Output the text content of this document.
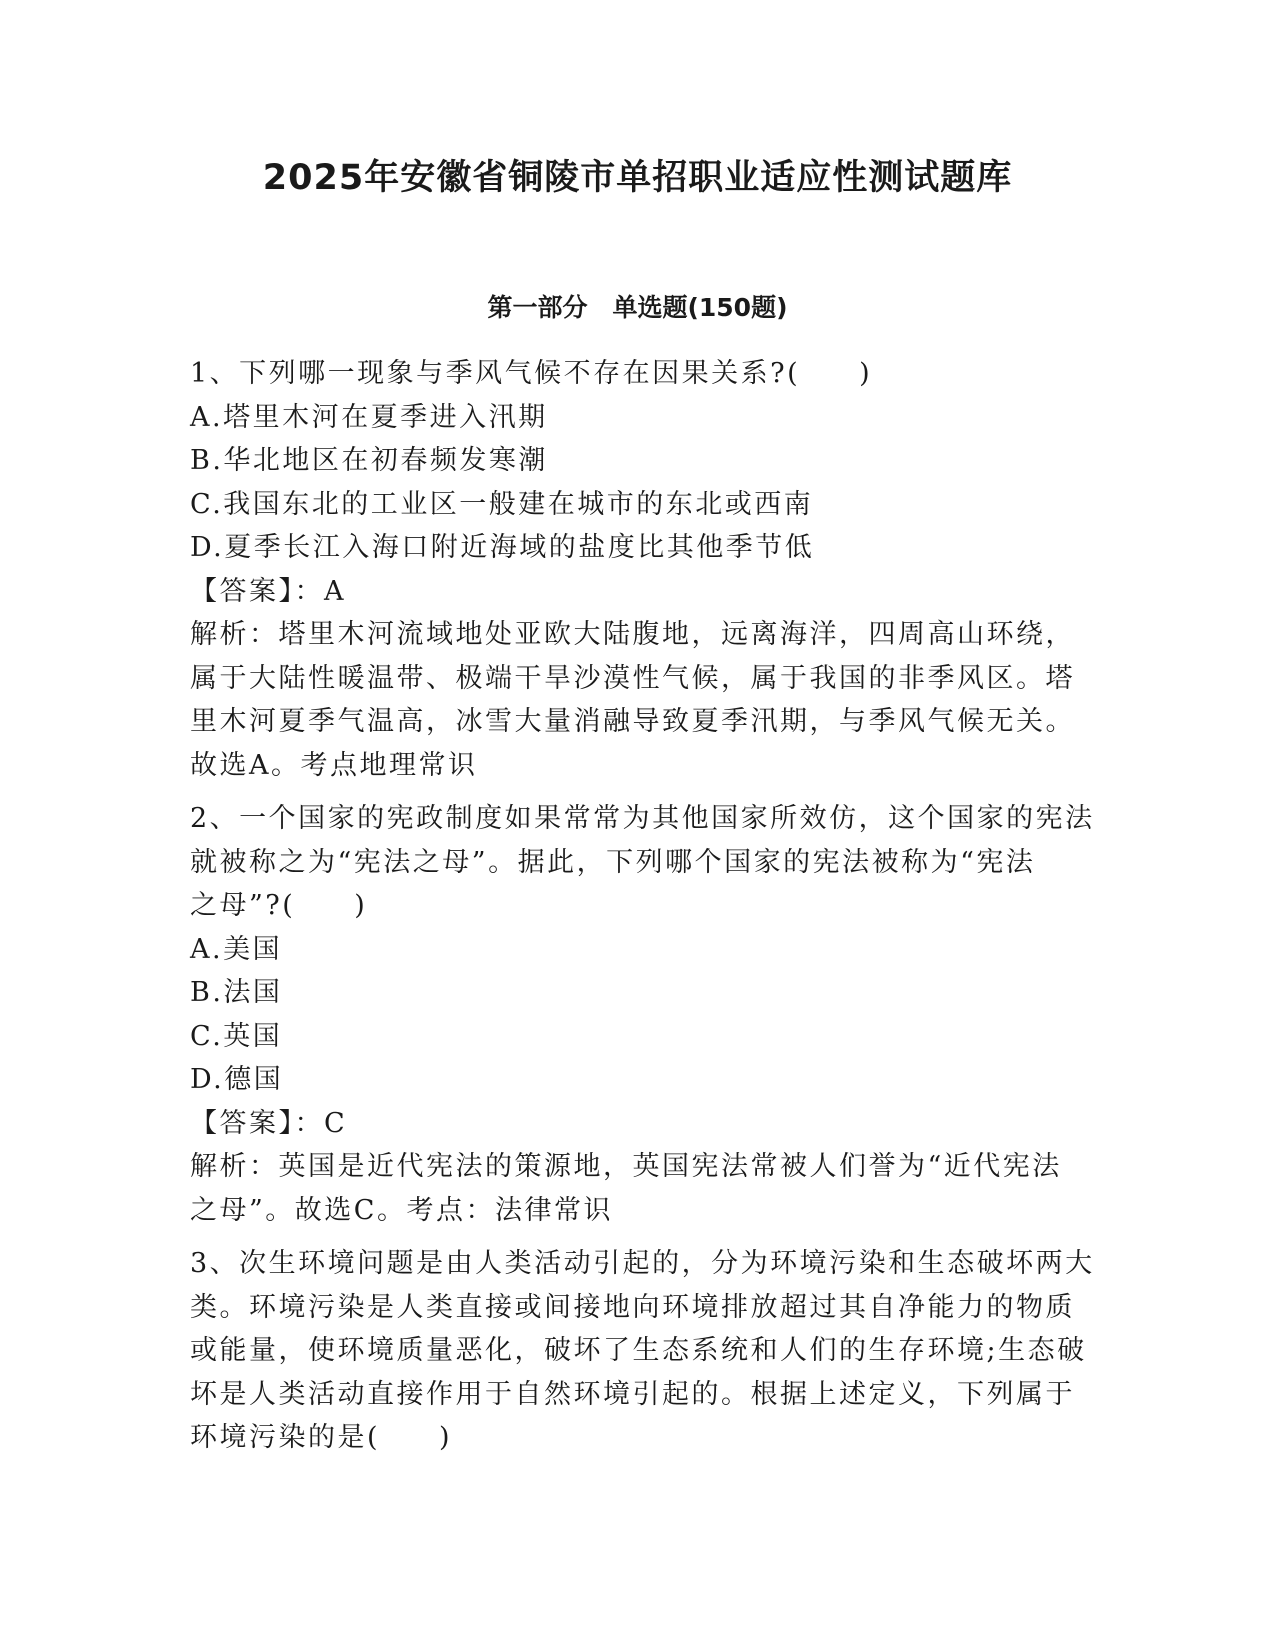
2025年安徽省铜陵市单招职业适应性测试题库
第一部分　单选题(150题)
1、下列哪一现象与季风气候不存在因果关系?(　　)
A.塔里木河在夏季进入汛期
B.华北地区在初春频发寒潮
C.我国东北的工业区一般建在城市的东北或西南
D.夏季长江入海口附近海域的盐度比其他季节低
【答案】：A
解析：塔里木河流域地处亚欧大陆腹地，远离海洋，四周高山环绕，
属于大陆性暖温带、极端干旱沙漠性气候，属于我国的非季风区。塔
里木河夏季气温高，冰雪大量消融导致夏季汛期，与季风气候无关。
故选A。考点地理常识
2、一个国家的宪政制度如果常常为其他国家所效仿，这个国家的宪法
就被称之为“宪法之母”。据此，下列哪个国家的宪法被称为“宪法
之母”?(　　)
A.美国
B.法国
C.英国
D.德国
【答案】：C
解析：英国是近代宪法的策源地，英国宪法常被人们誉为“近代宪法
之母”。故选C。考点：法律常识
3、次生环境问题是由人类活动引起的，分为环境污染和生态破坏两大
类。环境污染是人类直接或间接地向环境排放超过其自净能力的物质
或能量，使环境质量恶化，破坏了生态系统和人们的生存环境;生态破
坏是人类活动直接作用于自然环境引起的。根据上述定义，下列属于
环境污染的是(　　)
